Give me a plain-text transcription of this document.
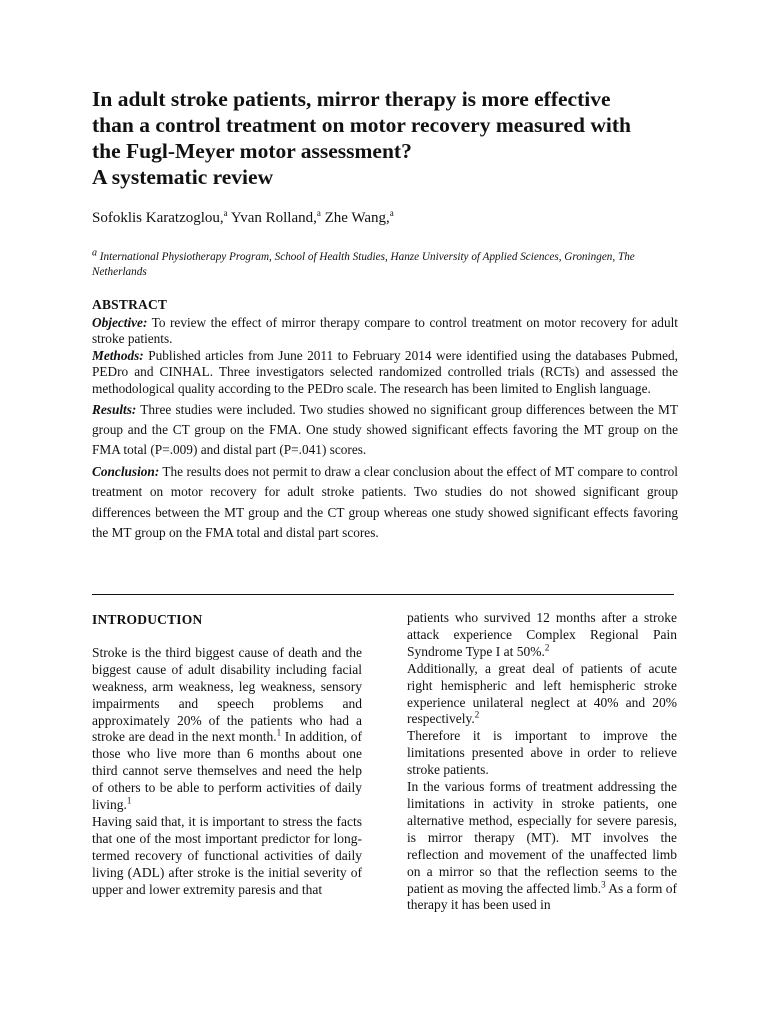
In adult stroke patients, mirror therapy is more effective
than a control treatment on motor recovery measured with
the Fugl-Meyer motor assessment?
A systematic review
Sofoklis Karatzoglou,$^a$ Yvan Rolland,$^a$ Zhe Wang,$^a$
$^a$ International Physiotherapy Program, School of Health Studies, Hanze University of Applied Sciences, Groningen, The Netherlands
ABSTRACT

Objective: To review the effect of mirror therapy compare to control treatment on motor recovery for adult stroke patients.

Methods: Published articles from June 2011 to February 2014 were identified using the databases Pubmed, PEDro and CINHAL. Three investigators selected randomized controlled trials (RCTs) and assessed the methodological quality according to the PEDro scale. The research has been limited to English language.

Results: Three studies were included. Two studies showed no significant group differences between the MT group and the CT group on the FMA. One study showed significant effects favoring the MT group on the FMA total (P=.009) and distal part (P=.041) scores.

Conclusion: The results does not permit to draw a clear conclusion about the effect of MT compare to control treatment on motor recovery for adult stroke patients. Two studies do not showed significant group differences between the MT group and the CT group whereas one study showed significant effects favoring the MT group on the FMA total and distal part scores.

INTRODUCTION

Stroke is the third biggest cause of death and the biggest cause of adult disability including facial weakness, arm weakness, leg weakness, sensory impairments and speech problems and approximately 20% of the patients who had a stroke are dead in the next month.$^1$ In addition, of those who live more than 6 months about one third cannot serve themselves and need the help of others to be able to perform activities of daily living.$^1$

Having said that, it is important to stress the facts that one of the most important predictor for long-termed recovery of functional activities of daily living (ADL) after stroke is the initial severity of upper and lower extremity paresis and that

patients who survived 12 months after a stroke attack experience Complex Regional Pain Syndrome Type I at 50%.$^2$

Additionally, a great deal of patients of acute right hemispheric and left hemispheric stroke experience unilateral neglect at 40% and 20% respectively.$^2$

Therefore it is important to improve the limitations presented above in order to relieve stroke patients.

In the various forms of treatment addressing the limitations in activity in stroke patients, one alternative method, especially for severe paresis, is mirror therapy (MT). MT involves the reflection and movement of the unaffected limb on a mirror so that the reflection seems to the patient as moving the affected limb.$^3$ As a form of therapy it has been used in
